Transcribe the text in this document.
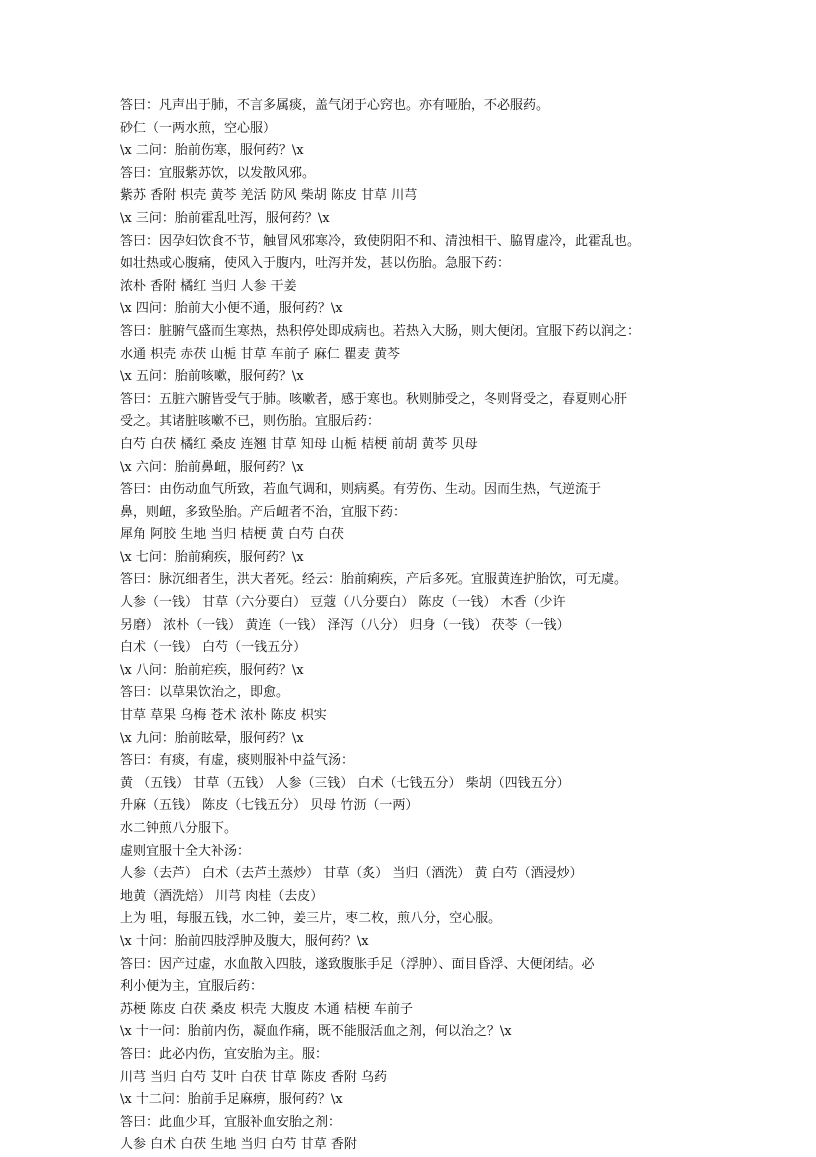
答曰：凡声出于肺，不言多属痰，盖气闭于心窍也。亦有哑胎，不必服药。

砂仁（一两水煎，空心服）

\x 二问：胎前伤寒，服何药？\x

答曰：宜服紫苏饮，以发散风邪。

紫苏 香附 枳壳 黄芩 羌活 防风 柴胡 陈皮 甘草 川芎

\x 三问：胎前霍乱吐泻，服何药？\x

答曰：因孕妇饮食不节，触冒风邪寒冷，致使阴阳不和、清浊相干、脇胃虚冷，此霍乱也。

如壮热或心腹痛，使风入于腹内，吐泻并发，甚以伤胎。急服下药：

浓朴 香附 橘红 当归 人参 干姜

\x 四问：胎前大小便不通，服何药？\x

答曰：脏腑气盛而生寒热，热积停处即成病也。若热入大肠，则大便闭。宜服下药以润之：

水通 枳壳 赤茯 山栀 甘草 车前子 麻仁 瞿麦 黄芩

\x 五问：胎前咳嗽，服何药？\x

答曰：五脏六腑皆受气于肺。咳嗽者，感于寒也。秋则肺受之，冬则肾受之，春夏则心肝

受之。其诸脏咳嗽不已，则伤胎。宜服后药：

白芍 白茯 橘红 桑皮 连翘 甘草 知母 山栀 桔梗 前胡 黄芩 贝母

\x 六问：胎前鼻衄，服何药？\x

答曰：由伤动血气所致，若血气调和，则病奚。有劳伤、生动。因而生热，气逆流于

鼻，则衄，多致坠胎。产后衄者不治，宜服下药：

犀角 阿胶 生地 当归 桔梗 黄 白芍 白茯

\x 七问：胎前痢疾，服何药？\x

答曰：脉沉细者生，洪大者死。经云：胎前痢疾，产后多死。宜服黄连护胎饮，可无虞。

人参（一钱） 甘草（六分要白） 豆蔻（八分要白） 陈皮（一钱） 木香（少许

另磨） 浓朴（一钱） 黄连（一钱） 泽泻（八分） 归身（一钱） 茯苓（一钱）

白术（一钱） 白芍（一钱五分）

\x 八问：胎前疟疾，服何药？\x

答曰：以草果饮治之，即愈。

甘草 草果 乌梅 苍术 浓朴 陈皮 枳实

\x 九问：胎前眩晕，服何药？\x

答曰：有痰，有虚，痰则服补中益气汤：

黄 （五钱） 甘草（五钱） 人参（三钱） 白术（七钱五分） 柴胡（四钱五分）

升麻（五钱） 陈皮（七钱五分） 贝母 竹沥（一两）

水二钟煎八分服下。

虚则宜服十全大补汤：

人参（去芦） 白术（去芦土蒸炒） 甘草（炙） 当归（酒洗） 黄 白芍（酒浸炒）

地黄（酒洗焙） 川芎 肉桂（去皮）

上为 咀，每服五钱，水二钟，姜三片，枣二枚，煎八分，空心服。

\x 十问：胎前四肢浮肿及腹大，服何药？\x

答曰：因产过虚，水血散入四肢，遂致腹胀手足（浮肿）、面目昏浮、大便闭结。必

利小便为主，宜服后药：

苏梗 陈皮 白茯 桑皮 枳壳 大腹皮 木通 桔梗 车前子

\x 十一问：胎前内伤，凝血作痛，既不能服活血之剂，何以治之？\x

答曰：此必内伤，宜安胎为主。服：

川芎 当归 白芍 艾叶 白茯 甘草 陈皮 香附 乌药

\x 十二问：胎前手足麻痹，服何药？\x

答曰：此血少耳，宜服补血安胎之剂：

人参 白术 白茯 生地 当归 白芍 甘草 香附
